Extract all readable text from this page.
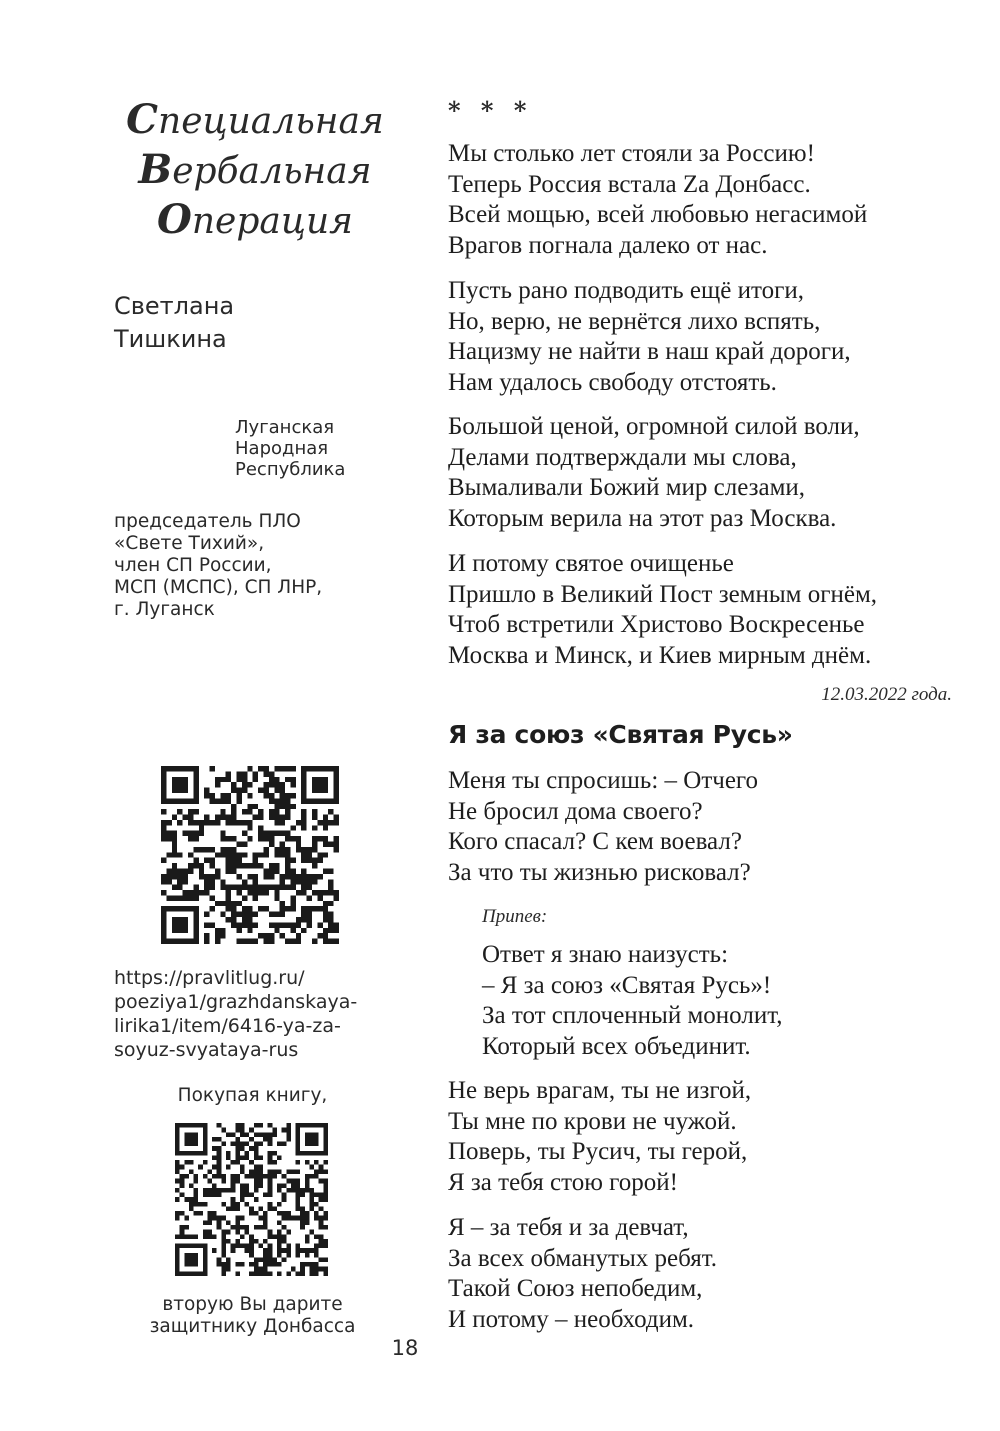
Специальная
Вербальная
Операция
Светлана
Тишкина
Луганская
Народная
Республика
председатель ПЛО
«Свете Тихий»,
член СП России,
МСП (МСПС), СП ЛНР,
г. Луганск
https://pravlitlug.ru/
poeziya1/grazhdanskaya-
lirika1/item/6416-ya-za-
soyuz-svyataya-rus
Покупая книгу,
вторую Вы дарите
защитнику Донбасса
18
* * *
Мы столько лет стояли за Россию!
Теперь Россия встала Zа Донбасс.
Всей мощью, всей любовью негасимой
Врагов погнала далеко от нас.
Пусть рано подводить ещё итоги,
Но, верю, не вернётся лихо вспять,
Нацизму не найти в наш край дороги,
Нам удалось свободу отстоять.
Большой ценой, огромной силой воли,
Делами подтверждали мы слова,
Вымаливали Божий мир слезами,
Которым верила на этот раз Москва.
И потому святое очищенье
Пришло в Великий Пост земным огнём,
Чтоб встретили Христово Воскресенье
Москва и Минск, и Киев мирным днём.
12.03.2022 года.
Я за союз «Святая Русь»
Меня ты спросишь: – Отчего
Не бросил дома своего?
Кого спасал? С кем воевал?
За что ты жизнью рисковал?
Припев:
Ответ я знаю наизусть:
– Я за союз «Святая Русь»!
За тот сплоченный монолит,
Который всех объединит.
Не верь врагам, ты не изгой,
Ты мне по крови не чужой.
Поверь, ты Русич, ты герой,
Я за тебя стою горой!
Я – за тебя и за девчат,
За всех обманутых ребят.
Такой Союз непобедим,
И потому – необходим.
